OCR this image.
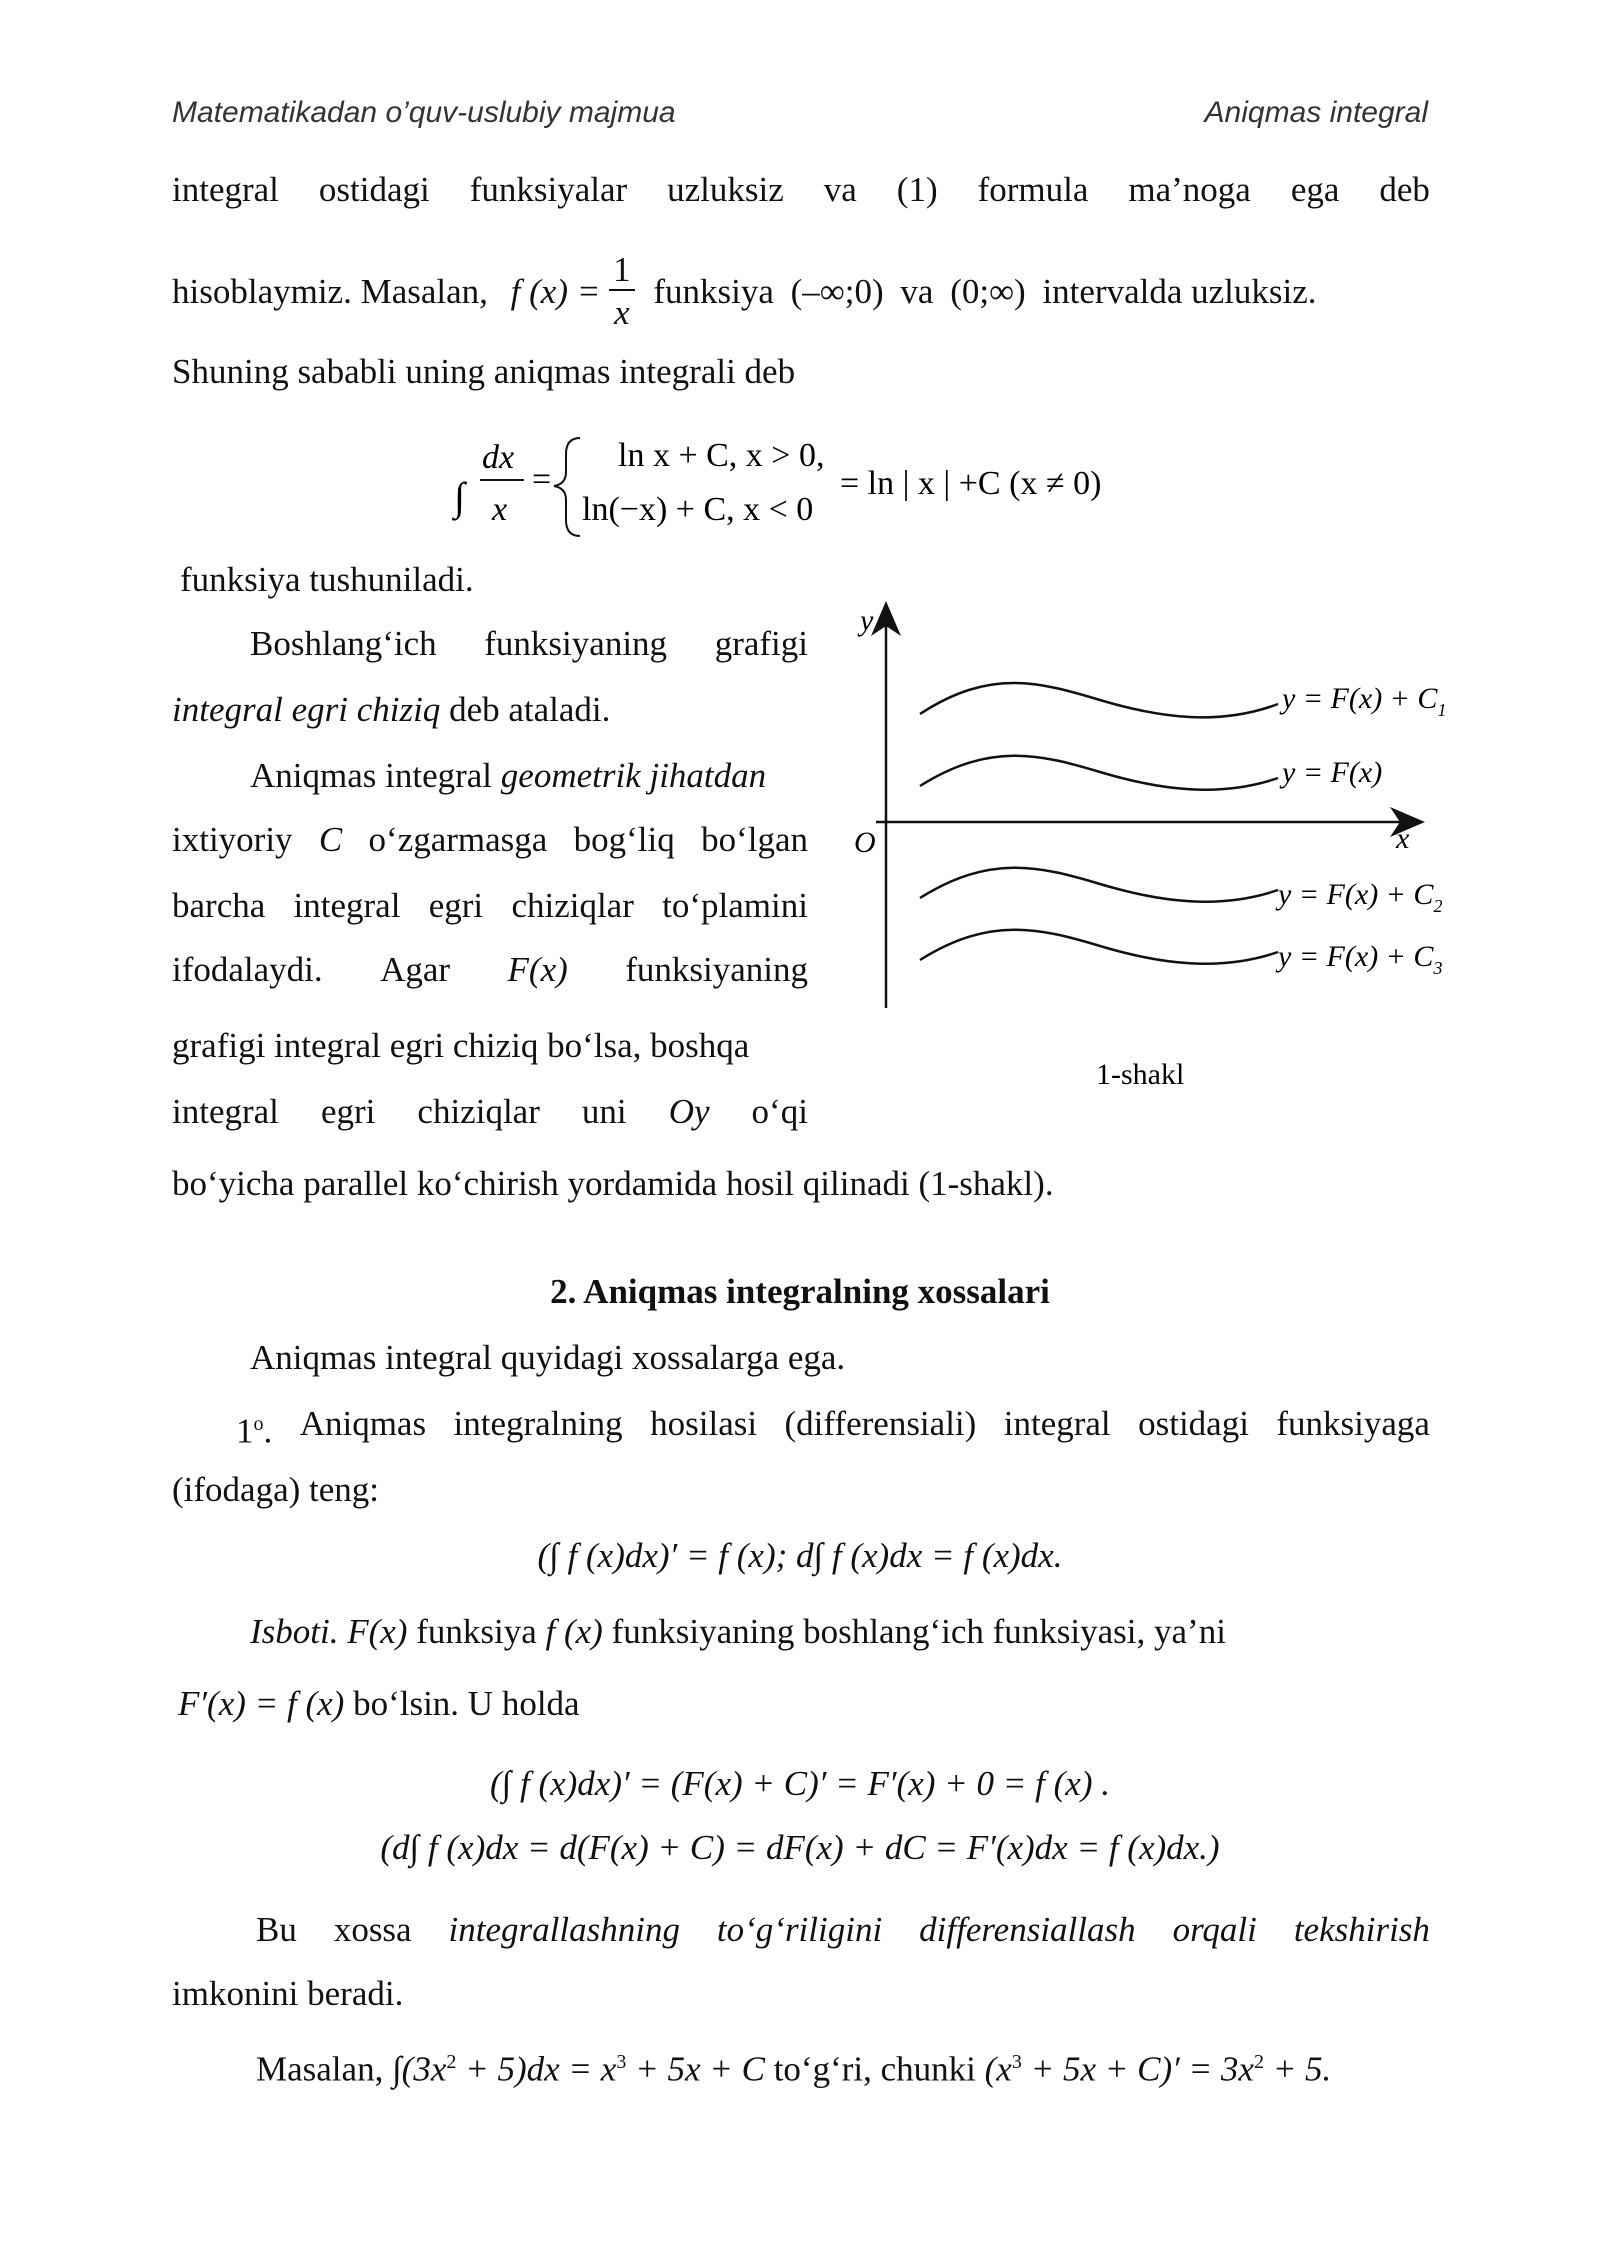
Matematikadan o’quv-uslubiy majmua	Aniqmas integral
integral ostidagi funksiyalar uzluksiz va (1) formula ma’noga ega deb
hisoblaymiz. Masalan, f $(x) = \frac{1}{x}$ funksiya (–∞;0) va (0;∞) intervalda uzluksiz.
Shuning sababli uning aniqmas integrali deb
∫
dx
x
=
ln x + C, x > 0,
ln(−x) + C, x < 0
= ln | x | +C (x ≠ 0)
funksiya tushuniladi.
Boshlang‘ich funksiyaning grafigi
integral egri chiziq deb ataladi.
Aniqmas integral geometrik jihatdan
ixtiyoriy C o‘zgarmasga bog‘liq bo‘lgan
barcha integral egri chiziqlar to‘plamini
ifodalaydi. Agar F(x) funksiyaning
grafigi integral egri chiziq bo‘lsa, boshqa
integral egri chiziqlar uni Oy o‘qi
bo‘yicha parallel ko‘chirish yordamida hosil qilinadi (1-shakl).
y
x
O
$y = F(x) + C_1$
y = F(x)
$y = F(x) + C_2$
$y = F(x) + C_3$
1-shakl
2. Aniqmas integralning xossalari
Aniqmas integral quyidagi xossalarga ega.
1$^o$. Aniqmas integralning hosilasi (differensiali) integral ostidagi funksiyaga
(ifodaga) teng:
(∫ f (x)dx)′ = f (x); d∫ f (x)dx = f (x)dx.
Isboti. F(x) funksiya f (x) funksiyaning boshlang‘ich funksiyasi, ya’ni
F′(x) = f (x) bo‘lsin. U holda
(∫ f (x)dx)′ = (F(x) + C)′ = F′(x) + 0 = f (x) .
(d∫ f (x)dx = d(F(x) + C) = dF(x) + dC = F′(x)dx = f (x)dx.)
Bu xossa integrallashning to‘g‘riligini differensiallash orqali tekshirish
imkonini beradi.
Masalan, $\int(3x^2 + 5)dx = x^3 + 5x + C$ to‘g‘ri, chunki $(x^3 + 5x + C)' = 3x^2 + 5$.
